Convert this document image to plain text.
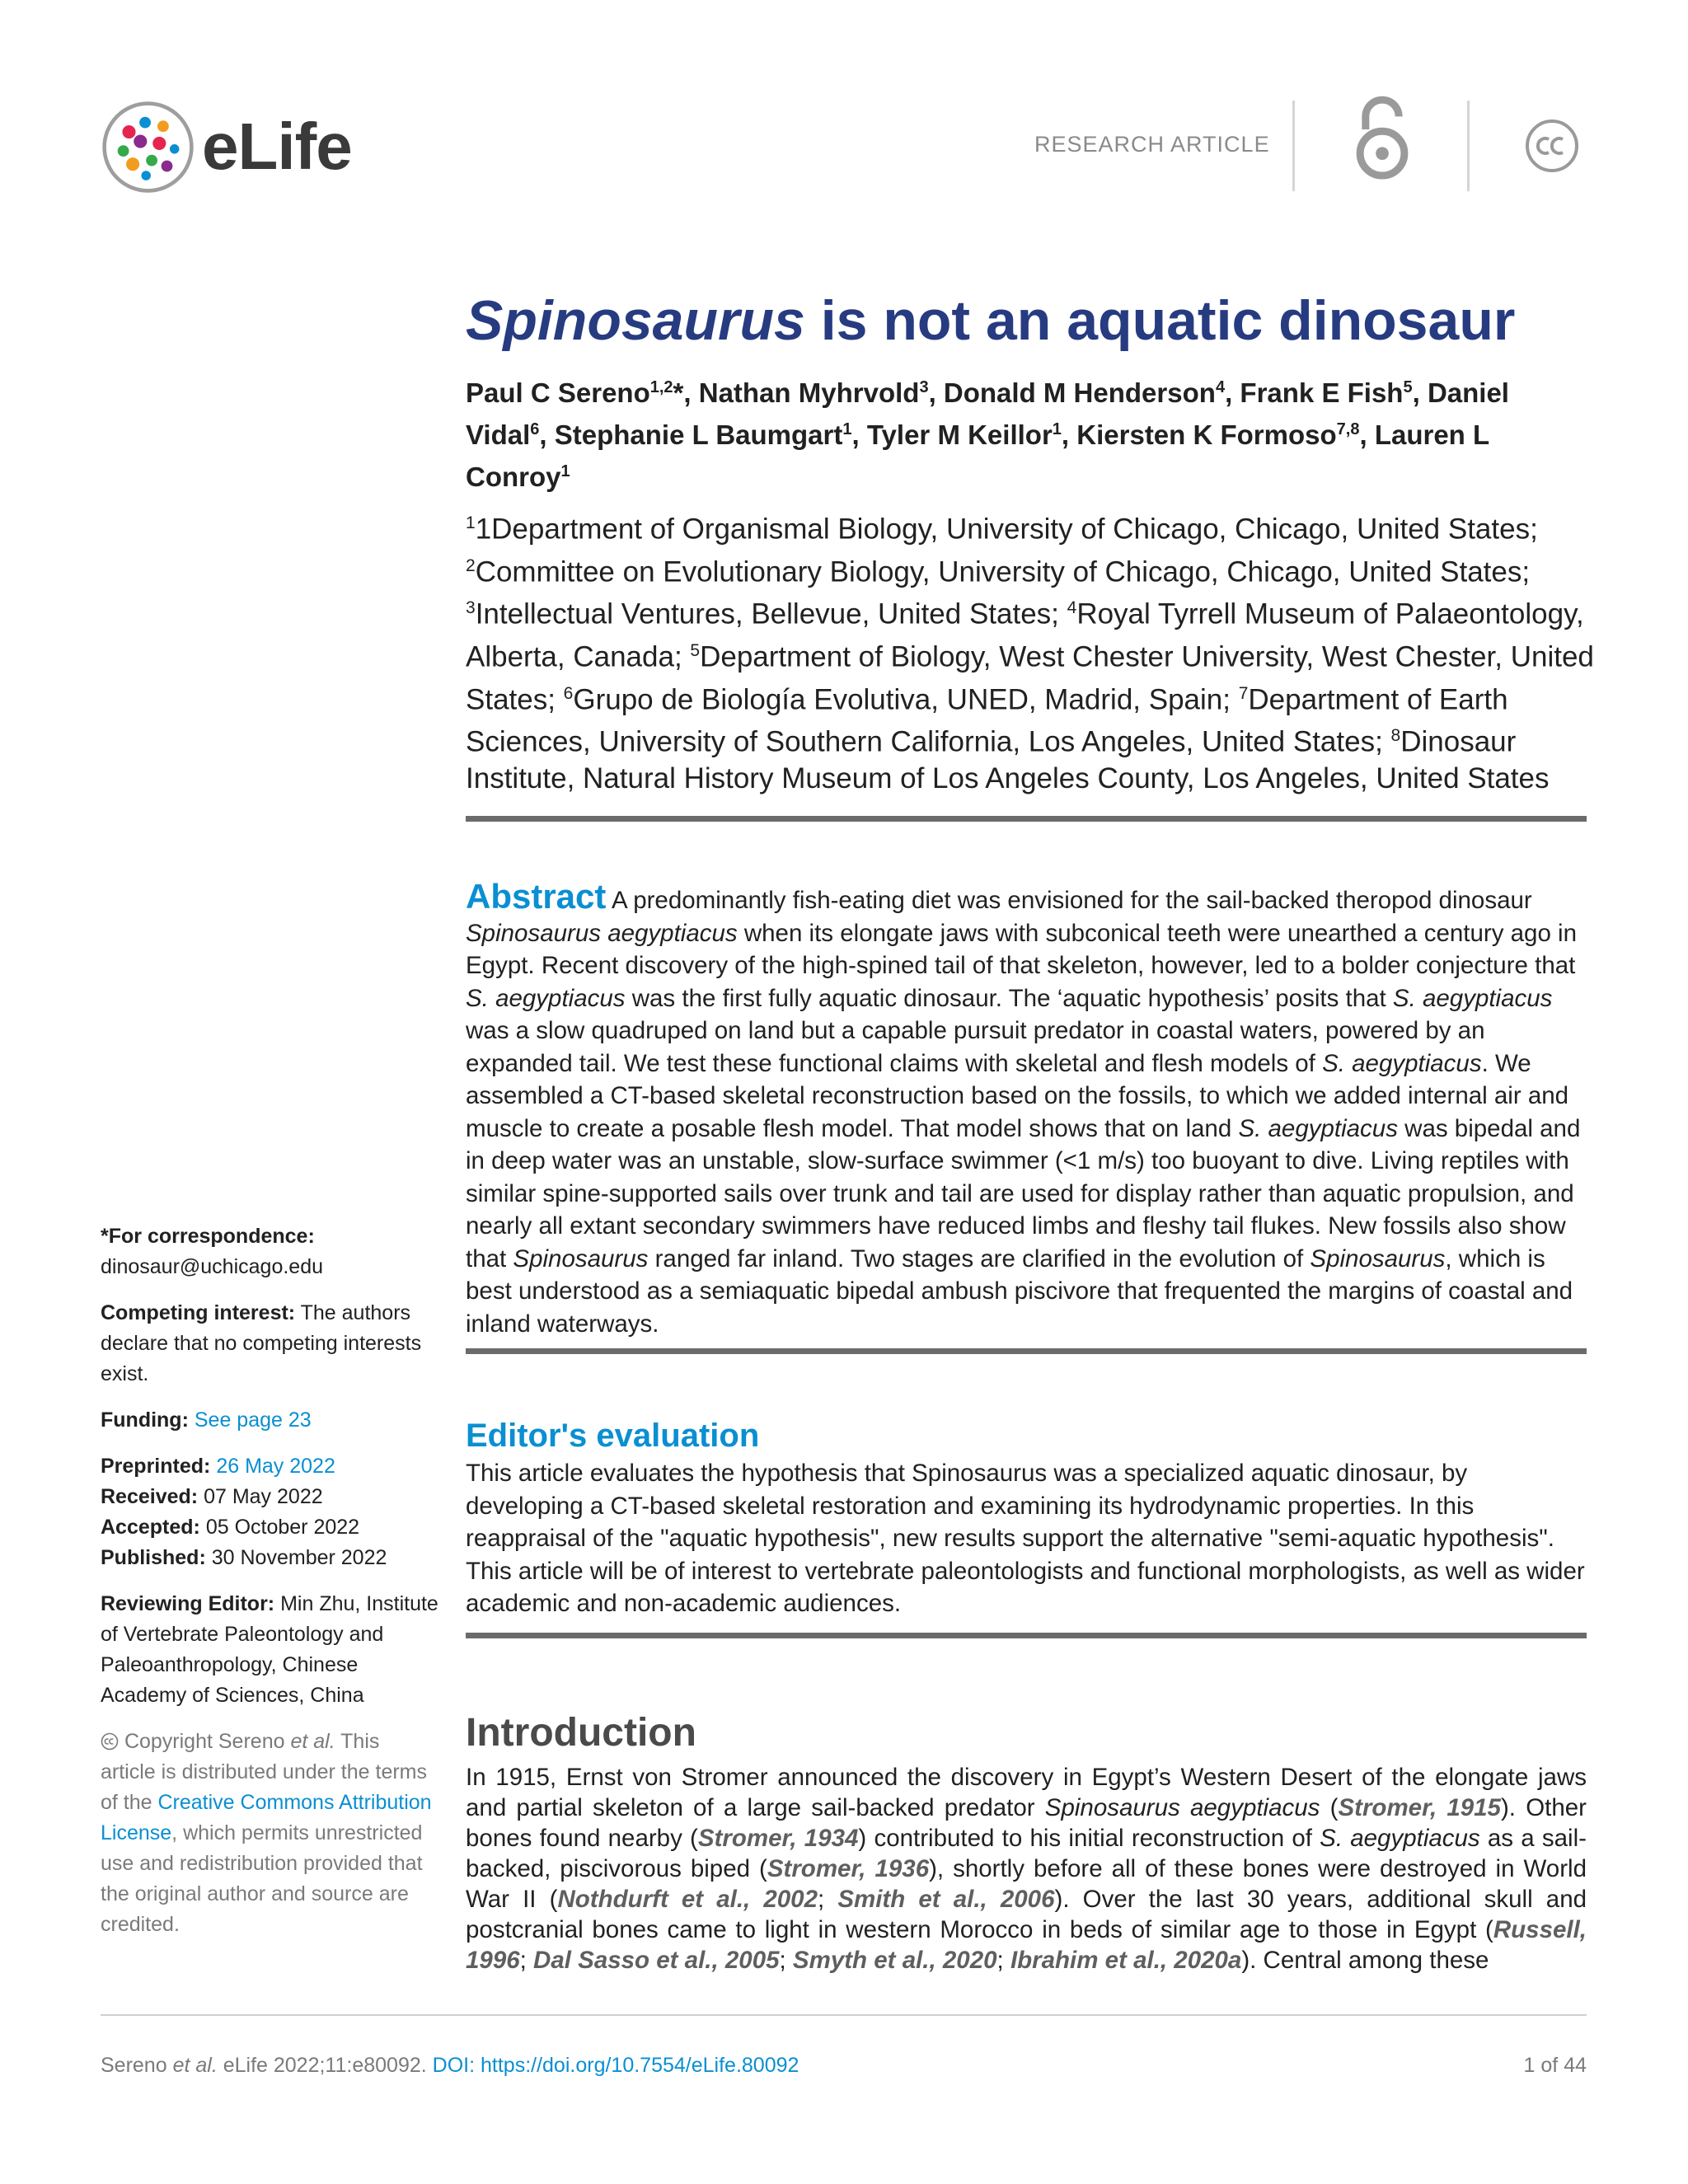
eLife	RESEARCH ARTICLE
Spinosaurus is not an aquatic dinosaur
Paul C Sereno$^{1,2}$*, Nathan Myhrvold$^3$, Donald M Henderson$^4$, Frank E Fish$^5$, Daniel Vidal$^6$, Stephanie L Baumgart$^1$, Tyler M Keillor$^1$, Kiersten K Formoso$^{7,8}$, Lauren L Conroy$^1$
$^1$1Department of Organismal Biology, University of Chicago, Chicago, United States; $^2$Committee on Evolutionary Biology, University of Chicago, Chicago, United States; $^3$Intellectual Ventures, Bellevue, United States; $^4$Royal Tyrrell Museum of Palaeontology, Alberta, Canada; $^5$Department of Biology, West Chester University, West Chester, United States; $^6$Grupo de Biología Evolutiva, UNED, Madrid, Spain; $^7$Department of Earth Sciences, University of Southern California, Los Angeles, United States; $^8$Dinosaur Institute, Natural History Museum of Los Angeles County, Los Angeles, United States
Abstract A predominantly fish-eating diet was envisioned for the sail-backed theropod dinosaur Spinosaurus aegyptiacus when its elongate jaws with subconical teeth were unearthed a century ago in Egypt. Recent discovery of the high-spined tail of that skeleton, however, led to a bolder conjecture that S. aegyptiacus was the first fully aquatic dinosaur. The ‘aquatic hypothesis’ posits that S. aegyptiacus was a slow quadruped on land but a capable pursuit predator in coastal waters, powered by an expanded tail. We test these functional claims with skeletal and flesh models of S. aegyptiacus. We assembled a CT-based skeletal reconstruction based on the fossils, to which we added internal air and muscle to create a posable flesh model. That model shows that on land S. aegyptiacus was bipedal and in deep water was an unstable, slow-surface swimmer (<1 m/s) too buoyant to dive. Living reptiles with similar spine-supported sails over trunk and tail are used for display rather than aquatic propulsion, and nearly all extant secondary swimmers have reduced limbs and fleshy tail flukes. New fossils also show that Spinosaurus ranged far inland. Two stages are clarified in the evolution of Spinosaurus, which is best understood as a semiaquatic bipedal ambush piscivore that frequented the margins of coastal and inland waterways.
Editor's evaluation
This article evaluates the hypothesis that Spinosaurus was a specialized aquatic dinosaur, by developing a CT-based skeletal restoration and examining its hydrodynamic properties. In this reappraisal of the "aquatic hypothesis", new results support the alternative "semi-aquatic hypothesis". This article will be of interest to vertebrate paleontologists and functional morphologists, as well as wider academic and non-academic audiences.
Introduction
In 1915, Ernst von Stromer announced the discovery in Egypt’s Western Desert of the elongate jaws and partial skeleton of a large sail-backed predator Spinosaurus aegyptiacus (Stromer, 1915). Other bones found nearby (Stromer, 1934) contributed to his initial reconstruction of S. aegyptiacus as a sail-backed, piscivorous biped (Stromer, 1936), shortly before all of these bones were destroyed in World War II (Nothdurft et al., 2002; Smith et al., 2006). Over the last 30 years, additional skull and postcranial bones came to light in western Morocco in beds of similar age to those in Egypt (Russell, 1996; Dal Sasso et al., 2005; Smyth et al., 2020; Ibrahim et al., 2020a). Central among these
*For correspondence:
dinosaur@uchicago.edu
Competing interest: The authors declare that no competing interests exist.
Funding: See page 23
Preprinted: 26 May 2022
Received: 07 May 2022
Accepted: 05 October 2022
Published: 30 November 2022
Reviewing Editor: Min Zhu, Institute of Vertebrate Paleontology and Paleoanthropology, Chinese Academy of Sciences, China
Copyright Sereno et al. This article is distributed under the terms of the Creative Commons Attribution License, which permits unrestricted use and redistribution provided that the original author and source are credited.
Sereno et al. eLife 2022;11:e80092. DOI: https://doi.org/10.7554/eLife.80092	1 of 44
